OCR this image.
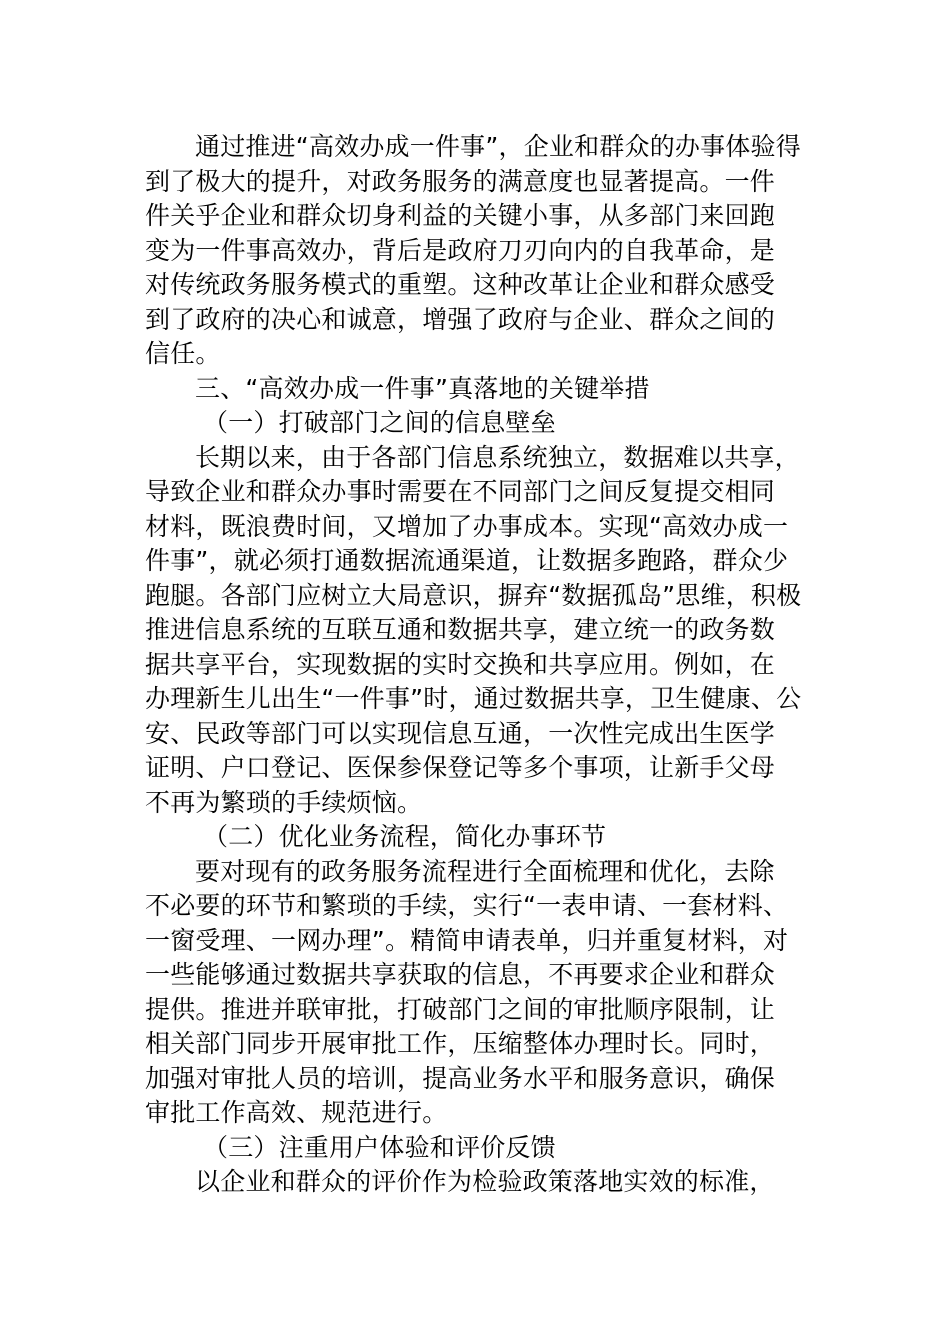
通过推进“高效办成一件事”，企业和群众的办事体验得
到了极大的提升，对政务服务的满意度也显著提高。一件
件关乎企业和群众切身利益的关键小事，从多部门来回跑
变为一件事高效办，背后是政府刀刃向内的自我革命，是
对传统政务服务模式的重塑。这种改革让企业和群众感受
到了政府的决心和诚意，增强了政府与企业、群众之间的
信任。
三、“高效办成一件事”真落地的关键举措
（一）打破部门之间的信息壁垒
长期以来，由于各部门信息系统独立，数据难以共享，
导致企业和群众办事时需要在不同部门之间反复提交相同
材料，既浪费时间，又增加了办事成本。实现“高效办成一
件事”，就必须打通数据流通渠道，让数据多跑路，群众少
跑腿。各部门应树立大局意识，摒弃“数据孤岛”思维，积极
推进信息系统的互联互通和数据共享，建立统一的政务数
据共享平台，实现数据的实时交换和共享应用。例如，在
办理新生儿出生“一件事”时，通过数据共享，卫生健康、公
安、民政等部门可以实现信息互通，一次性完成出生医学
证明、户口登记、医保参保登记等多个事项，让新手父母
不再为繁琐的手续烦恼。
（二）优化业务流程，简化办事环节
要对现有的政务服务流程进行全面梳理和优化，去除
不必要的环节和繁琐的手续，实行“一表申请、一套材料、
一窗受理、一网办理”。精简申请表单，归并重复材料，对
一些能够通过数据共享获取的信息，不再要求企业和群众
提供。推进并联审批，打破部门之间的审批顺序限制，让
相关部门同步开展审批工作，压缩整体办理时长。同时，
加强对审批人员的培训，提高业务水平和服务意识，确保
审批工作高效、规范进行。
（三）注重用户体验和评价反馈
以企业和群众的评价作为检验政策落地实效的标准，
